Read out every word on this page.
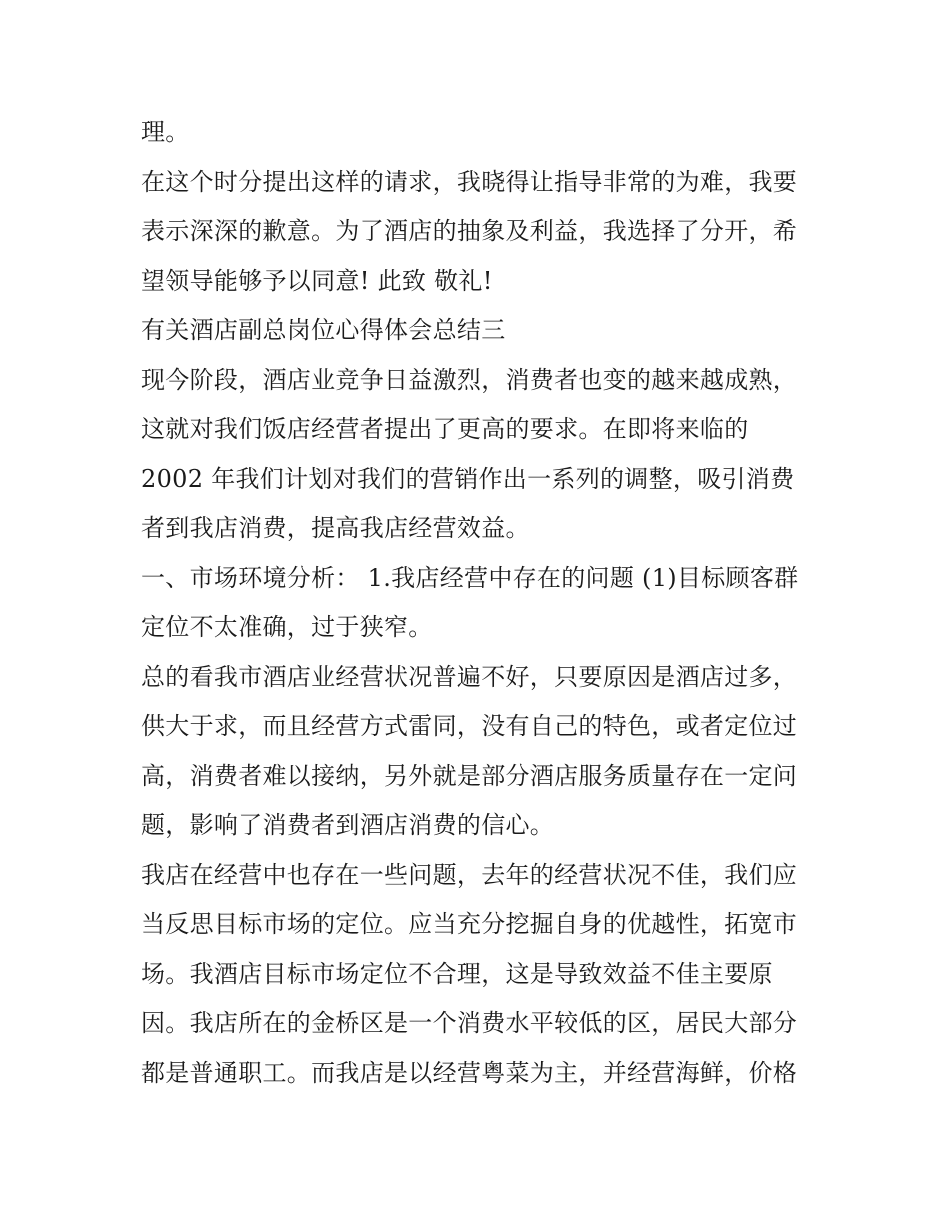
理。
在这个时分提出这样的请求，我晓得让指导非常的为难，我要
表示深深的歉意。为了酒店的抽象及利益，我选择了分开，希
望领导能够予以同意! 此致 敬礼!
有关酒店副总岗位心得体会总结三
现今阶段，酒店业竞争日益激烈，消费者也变的越来越成熟，
这就对我们饭店经营者提出了更高的要求。在即将来临的
2002 年我们计划对我们的营销作出一系列的调整，吸引消费
者到我店消费，提高我店经营效益。
一、市场环境分析： 1.我店经营中存在的问题 (1)目标顾客群
定位不太准确，过于狭窄。
总的看我市酒店业经营状况普遍不好，只要原因是酒店过多，
供大于求，而且经营方式雷同，没有自己的特色，或者定位过
高，消费者难以接纳，另外就是部分酒店服务质量存在一定问
题，影响了消费者到酒店消费的信心。
我店在经营中也存在一些问题，去年的经营状况不佳，我们应
当反思目标市场的定位。应当充分挖掘自身的优越性，拓宽市
场。我酒店目标市场定位不合理，这是导致效益不佳主要原
因。我店所在的金桥区是一个消费水平较低的区，居民大部分
都是普通职工。而我店是以经营粤菜为主，并经营海鲜，价格
